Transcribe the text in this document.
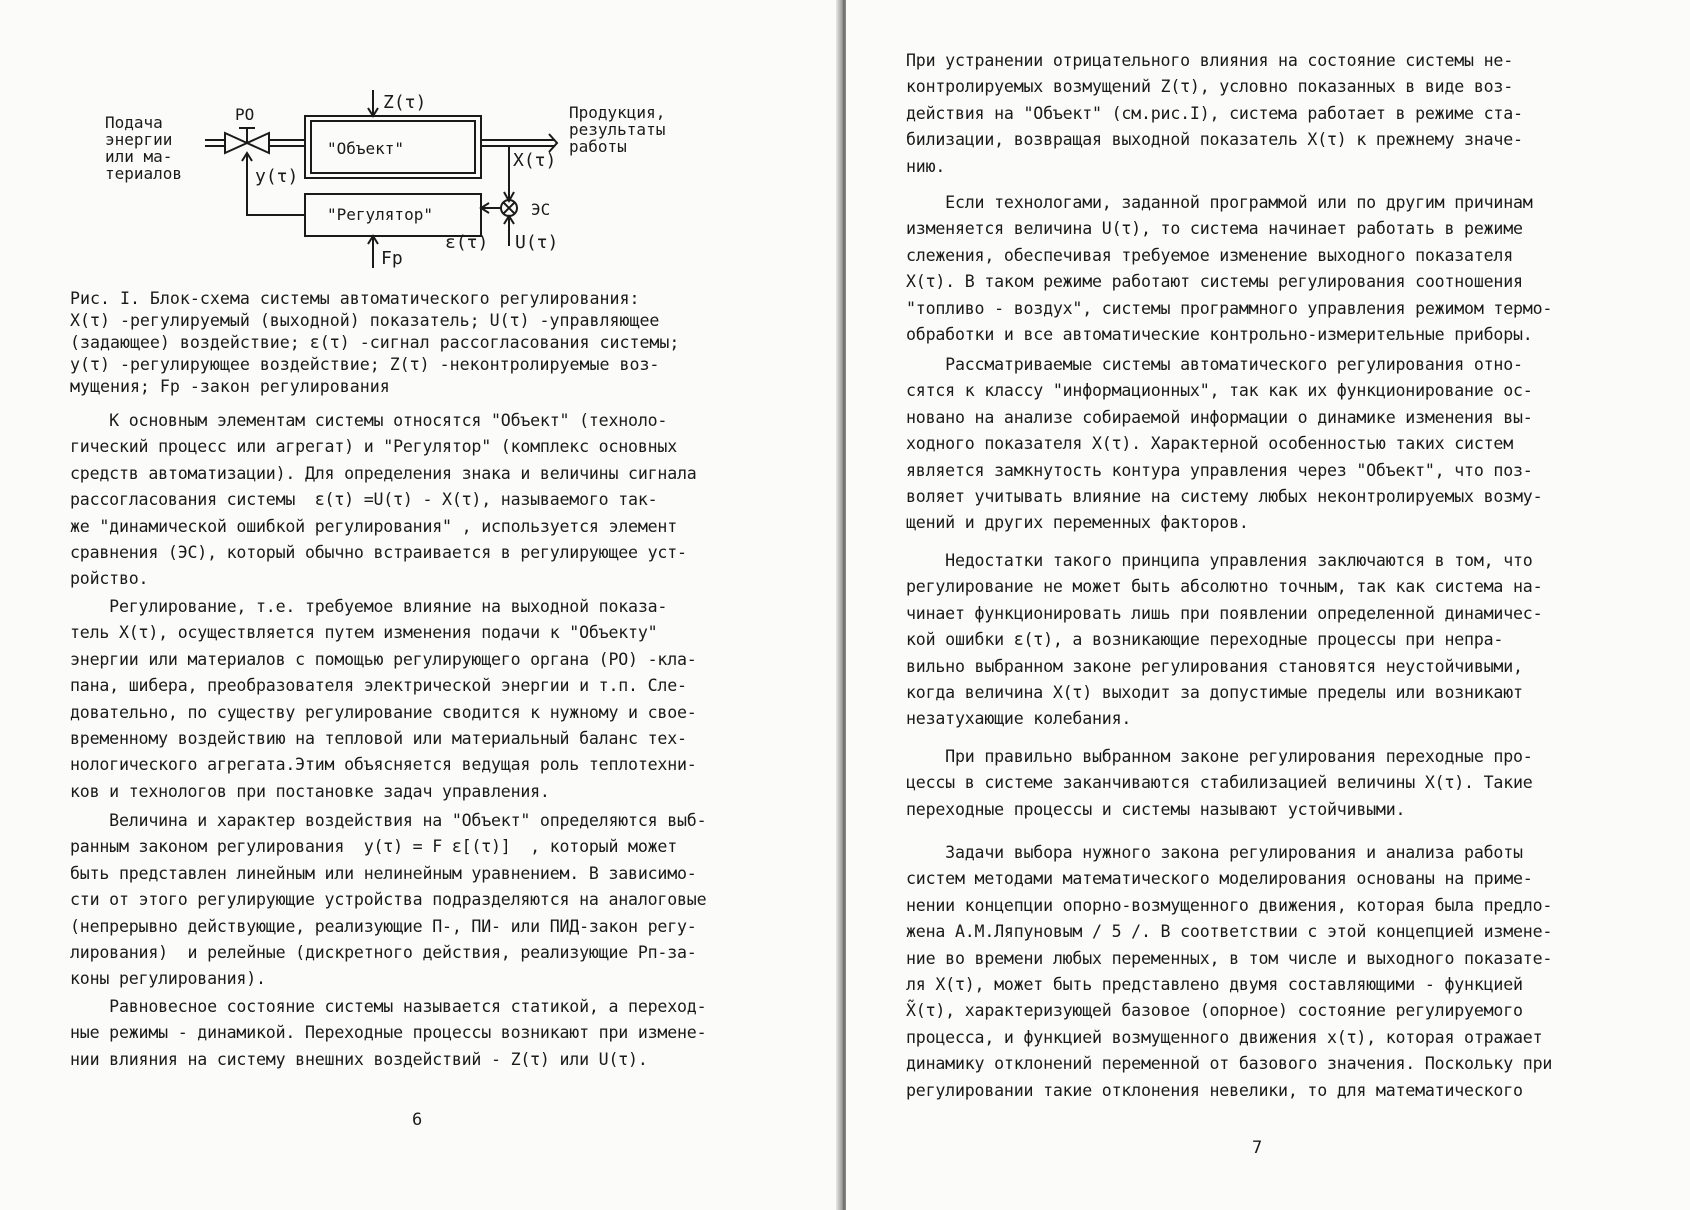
Подача
энергии
или ма-
териалов
РО
"Объект"
"Регулятор"
Продукция,
результаты
работы
Z(τ)
X(τ)
y(τ)
ЭС
ε(τ) U(τ)
Fр
Рис. I. Блок-схема системы автоматического регулирования:
X(τ) -регулируемый (выходной) показатель; U(τ) -управляющее
(задающее) воздействие; ε(τ) -сигнал рассогласования системы;
y(τ) -регулирующее воздействие; Z(τ) -неконтролируемые воз-
мущения; Fр -закон регулирования
К основным элементам системы относятся "Объект" (техноло-
гический процесс или агрегат) и "Регулятор" (комплекс основных
средств автоматизации). Для определения знака и величины сигнала
рассогласования системы  ε(τ) =U(τ) - X(τ), называемого так-
же "динамической ошибкой регулирования" , используется элемент
сравнения (ЭС), который обычно встраивается в регулирующее уст-
ройство.
Регулирование, т.е. требуемое влияние на выходной показа-
тель X(τ), осуществляется путем изменения подачи к "Объекту"
энергии или материалов с помощью регулирующего органа (РО) -кла-
пана, шибера, преобразователя электрической энергии и т.п. Сле-
довательно, по существу регулирование сводится к нужному и свое-
временному воздействию на тепловой или материальный баланс тех-
нологического агрегата.Этим объясняется ведущая роль теплотехни-
ков и технологов при постановке задач управления.
Величина и характер воздействия на "Объект" определяются выб-
ранным законом регулирования  y(τ) = F ε[(τ)]  , который может
быть представлен линейным или нелинейным уравнением. В зависимо-
сти от этого регулирующие устройства подразделяются на аналоговые
(непрерывно действующие, реализующие П-, ПИ- или ПИД-закон регу-
лирования)  и релейные (дискретного действия, реализующие Pп-за-
коны регулирования).
Равновесное состояние системы называется статикой, а переход-
ные режимы - динамикой. Переходные процессы возникают при измене-
нии влияния на систему внешних воздействий - Z(τ) или U(τ).
6
При устранении отрицательного влияния на состояние системы не-
контролируемых возмущений Z(τ), условно показанных в виде воз-
действия на "Объект" (см.рис.I), система работает в режиме ста-
билизации, возвращая выходной показатель X(τ) к прежнему значе-
нию.
Если технологами, заданной программой или по другим причинам
изменяется величина U(τ), то система начинает работать в режиме
слежения, обеспечивая требуемое изменение выходного показателя
X(τ). В таком режиме работают системы регулирования соотношения
"топливо - воздух", системы программного управления режимом термо-
обработки и все автоматические контрольно-измерительные приборы.
Рассматриваемые системы автоматического регулирования отно-
сятся к классу "информационных", так как их функционирование ос-
новано на анализе собираемой информации о динамике изменения вы-
ходного показателя X(τ). Характерной особенностью таких систем
является замкнутость контура управления через "Объект", что поз-
воляет учитывать влияние на систему любых неконтролируемых возму-
щений и других переменных факторов.
Недостатки такого принципа управления заключаются в том, что
регулирование не может быть абсолютно точным, так как система на-
чинает функционировать лишь при появлении определенной динамичес-
кой ошибки ε(τ), а возникающие переходные процессы при непра-
вильно выбранном законе регулирования становятся неустойчивыми,
когда величина X(τ) выходит за допустимые пределы или возникают
незатухающие колебания.
При правильно выбранном законе регулирования переходные про-
цессы в системе заканчиваются стабилизацией величины X(τ). Такие
переходные процессы и системы называют устойчивыми.
Задачи выбора нужного закона регулирования и анализа работы
систем методами математического моделирования основаны на приме-
нении концепции опорно-возмущенного движения, которая была предло-
жена А.М.Ляпуновым / 5 /. В соответствии с этой концепцией измене-
ние во времени любых переменных, в том числе и выходного показате-
ля X(τ), может быть представлено двумя составляющими - функцией
X̃(τ), характеризующей базовое (опорное) состояние регулируемого
процесса, и функцией возмущенного движения x(τ), которая отражает
динамику отклонений переменной от базового значения. Поскольку при
регулировании такие отклонения невелики, то для математического
7
